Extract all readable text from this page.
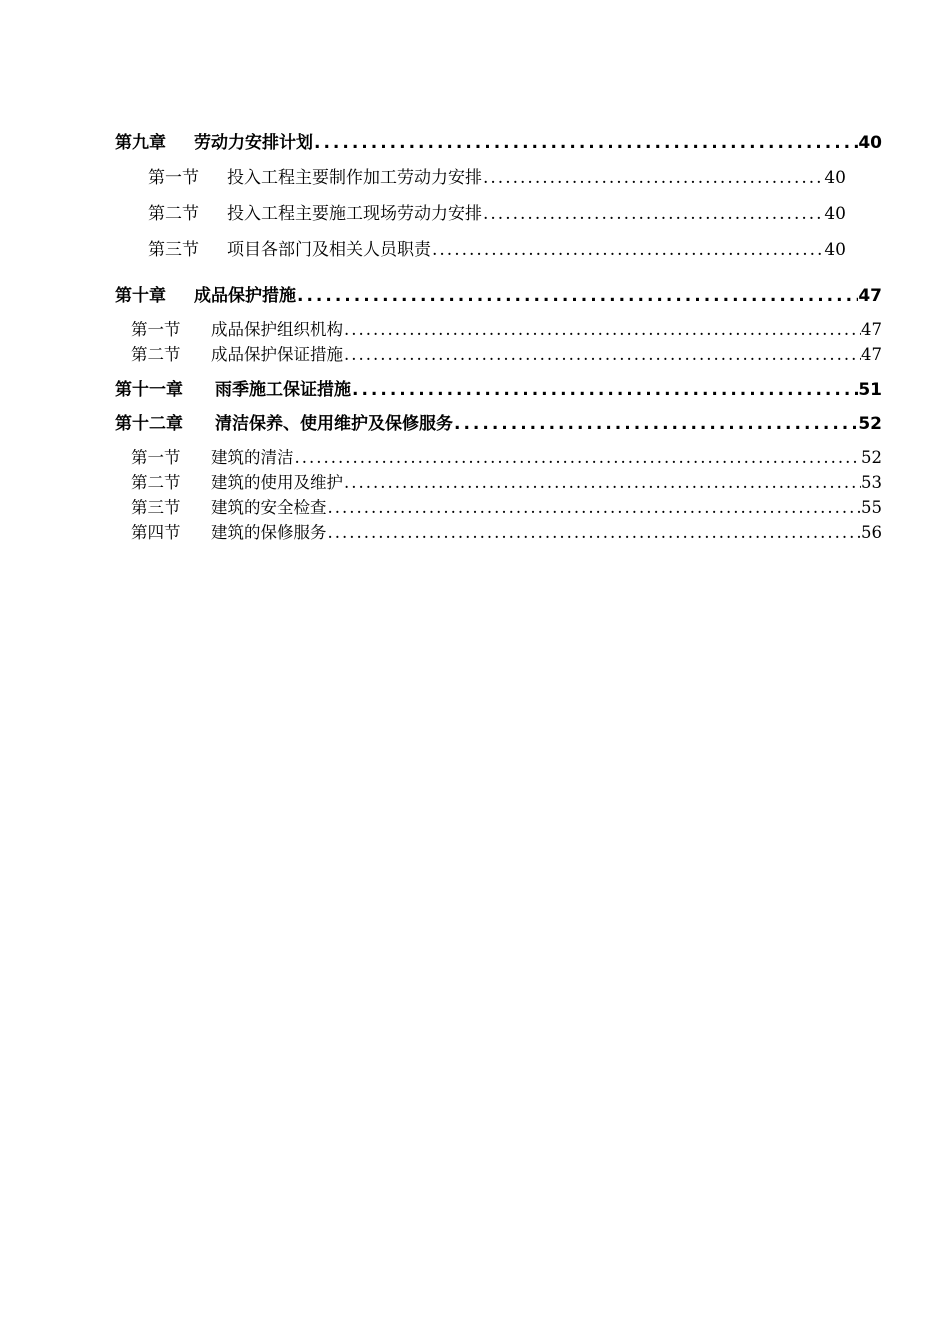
第九章	劳动力安排计划 .....	40
第一节	投入工程主要制作加工劳动力安排 .....	40
第二节	投入工程主要施工现场劳动力安排 .....	40
第三节	项目各部门及相关人员职责 .....	40
第十章	成品保护措施 .....	47
第一节	成品保护组织机构 .....	47
第二节	成品保护保证措施 .....	47
第十一章	雨季施工保证措施 .....	51
第十二章	清洁保养、使用维护及保修服务 .....	52
第一节	建筑的清洁 .....	52
第二节	建筑的使用及维护 .....	53
第三节	建筑的安全检查 .....	55
第四节	建筑的保修服务 .....	56
